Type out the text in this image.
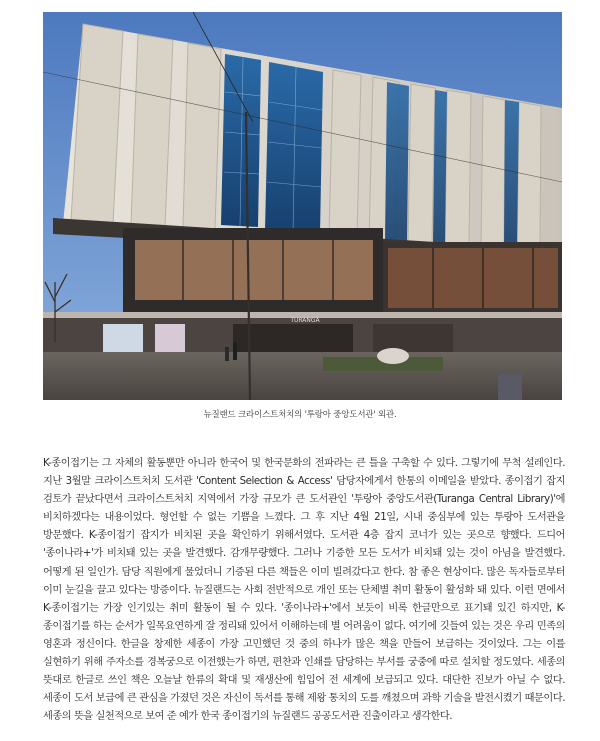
TURANGA
뉴질랜드 크라이스트처치의 '투랑아 중앙도서관' 외관.

K-종이접기는 그 자체의 활동뿐만 아니라 한국어 및 한국문화의 전파라는 큰 틀을 구축할 수 있다. 그렇기에 무척 설레인다. 지난 3월말 크라이스트처치 도서관 'Content Selection & Access' 담당자에게서 한통의 이메일을 받았다. 종이접기 잡지 검토가 끝났다면서 크라이스트처치 지역에서 가장 규모가 큰 도서관인 '투랑아 중앙도서관(Turanga Central Library)'에 비치하겠다는 내용이었다. 형언할 수 없는 기쁨을 느꼈다. 그 후 지난 4월 21일, 시내 중심부에 있는 투랑아 도서관을 방문했다. K-종이접기 잡지가 비치된 곳을 확인하기 위해서였다. 도서관 4층 잡지 코너가 있는 곳으로 향했다. 드디어 '종이나라+'가 비치돼 있는 곳을 발견했다. 감개무량했다. 그러나 기증한 모든 도서가 비치돼 있는 것이 아님을 발견했다. 어떻게 된 일인가. 담당 직원에게 물었더니 기증된 다른 책들은 이미 빌려갔다고 한다. 참 좋은 현상이다. 많은 독자들로부터 이미 눈길을 끌고 있다는 방증이다. 뉴질랜드는 사회 전반적으로 개인 또는 단체별 취미 활동이 활성화 돼 있다. 이런 면에서 K-종이접기는 가장 인기있는 취미 활동이 될 수 있다. '종이나라+'에서 보듯이 비록 한글만으로 표기돼 있긴 하지만, K-종이접기를 하는 순서가 일목요연하게 잘 정리돼 있어서 이해하는데 별 어려움이 없다. 여기에 깃들여 있는 것은 우리 민족의 영혼과 정신이다. 한글을 창제한 세종이 가장 고민했던 것 중의 하나가 많은 책을 만들어 보급하는 것이었다. 그는 이를 실현하기 위해 주자소를 경복궁으로 이전했는가 하면, 편찬과 인쇄를 담당하는 부서를 궁중에 따로 설치할 정도였다. 세종의 뜻대로 한글로 쓰인 책은 오늘날 한류의 확대 및 재생산에 힘입어 전 세계에 보급되고 있다. 대단한 진보가 아닐 수 없다. 세종이 도서 보급에 큰 관심을 가졌던 것은 자신이 독서를 통해 제왕 통치의 도를 깨쳤으며 과학 기술을 발전시켰기 때문이다. 세종의 뜻을 실천적으로 보여 준 예가 한국 종이접기의 뉴질랜드 공공도서관 진출이라고 생각한다.
